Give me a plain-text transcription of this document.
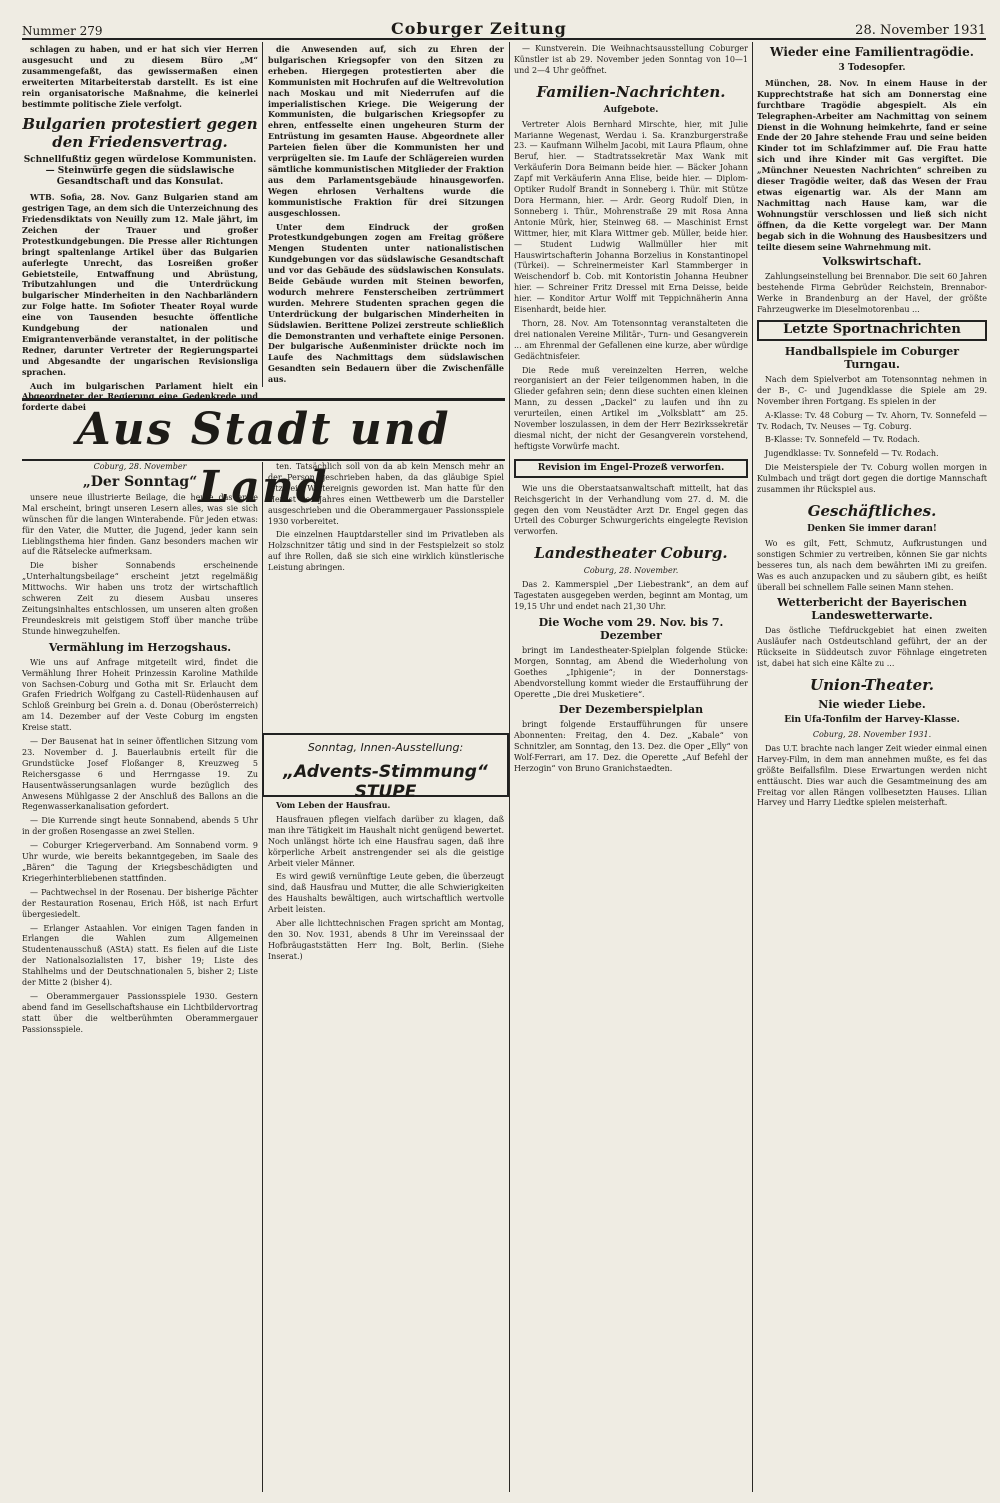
Nummer 279	Coburger Zeitung	28. November 1931

schlagen zu haben, und er hat sich vier Herren ausgesucht und zu diesem Büro „M“ zusammengefaßt, das gewissermaßen einen erweiterten Mitarbeiterstab darstellt. Es ist eine rein organisatorische Maßnahme, die keinerlei bestimmte politische Ziele verfolgt.

Bulgarien protestiert gegen den Friedensvertrag.
Schnellfußtiz gegen würdelose Kommunisten. — Steinwürfe gegen die südslawische Gesandtschaft und das Konsulat.

WTB. Sofia, 28. Nov. Ganz Bulgarien stand am gestrigen Tage, an dem sich die Unterzeichnung des Friedensdiktats von Neuilly zum 12. Male jährt, im Zeichen der Trauer und großer Protestkundgebungen. Die Presse aller Richtungen bringt spaltenlange Artikel über das Bulgarien auferlegte Unrecht, das Losreißen großer Gebietsteile, Entwaffnung und Abrüstung, Tributzahlungen und die Unterdrückung bulgarischer Minderheiten in den Nachbarländern zur Folge hatte. Im Sofioter Theater Royal wurde eine von Tausenden besuchte öffentliche Kundgebung der nationalen und Emigrantenverbände veranstaltet, in der politische Redner, darunter Vertreter der Regierungspartei und Abgesandte der ungarischen Revisionsliga sprachen.

Auch im bulgarischen Parlament hielt ein Abgeordneter der Regierung eine Gedenkrede und forderte dabei

die Anwesenden auf, sich zu Ehren der bulgarischen Kriegsopfer von den Sitzen zu erheben. Hiergegen protestierten aber die Kommunisten mit Hochrufen auf die Weltrevolution nach Moskau und mit Niederrufen auf die imperialistischen Kriege. Die Weigerung der Kommunisten, die bulgarischen Kriegsopfer zu ehren, entfesselte einen ungeheuren Sturm der Entrüstung im gesamten Hause. Abgeordnete aller Parteien fielen über die Kommunisten her und verprügelten sie. Im Laufe der Schlägereien wurden sämtliche kommunistischen Mitglieder der Fraktion aus dem Parlamentsgebäude hinausgeworfen. Wegen ehrlosen Verhaltens wurde die kommunistische Fraktion für drei Sitzungen ausgeschlossen.

Unter dem Eindruck der großen Protestkundgebungen zogen am Freitag größere Mengen Studenten unter nationalistischen Kundgebungen vor das südslawische Gesandtschaft und vor das Gebäude des südslawischen Konsulats. Beide Gebäude wurden mit Steinen beworfen, wodurch mehrere Fensterscheiben zertrümmert wurden. Mehrere Studenten sprachen gegen die Unterdrückung der bulgarischen Minderheiten in Südslawien. Berittene Polizei zerstreute schließlich die Demonstranten und verhaftete einige Personen. Der bulgarische Außenminister drückte noch im Laufe des Nachmittags dem südslawischen Gesandten sein Bedauern über die Zwischenfälle aus.

Aus Stadt und Land
Coburg, 28. November
„Der Sonntag“

unsere neue illustrierte Beilage, die heute das erste Mal erscheint, bringt unseren Lesern alles, was sie sich wünschen für die langen Winterabende. Für jeden etwas: für den Vater, die Mutter, die Jugend, jeder kann sein Lieblingsthema hier finden. Ganz besonders machen wir auf die Rätselecke aufmerksam.

Die bisher Sonnabends erscheinende „Unterhaltungsbeilage“ erscheint jetzt regelmäßig Mittwochs. Wir haben uns trotz der wirtschaftlich schweren Zeit zu diesem Ausbau unseres Zeitungsinhaltes entschlossen, um unseren alten großen Freundeskreis mit geistigem Stoff über manche trübe Stunde hinwegzuhelfen.

Vermählung im Herzogshaus.

Wie uns auf Anfrage mitgeteilt wird, findet die Vermählung Ihrer Hoheit Prinzessin Karoline Mathilde von Sachsen-Coburg und Gotha mit Sr. Erlaucht dem Grafen Friedrich Wolfgang zu Castell-Rüdenhausen auf Schloß Greinburg bei Grein a. d. Donau (Oberösterreich) am 14. Dezember auf der Veste Coburg im engsten Kreise statt.

— Der Bausenat hat in seiner öffentlichen Sitzung vom 23. November d. J. Bauerlaubnis erteilt für die Grundstücke Josef Floßanger 8, Kreuzweg 5 Reichersgasse 6 und Herrngasse 19. Zu Hausentwässerungsanlagen wurde bezüglich des Anwesens Mühlgasse 2 der Anschluß des Ballons an die Regenwasserkanalisation gefordert.

— Die Kurrende singt heute Sonnabend, abends 5 Uhr in der großen Rosengasse an zwei Stellen.

— Coburger Kriegerverband. Am Sonnabend vorm. 9 Uhr wurde, wie bereits bekanntgegeben, im Saale des „Bären“ die Tagung der Kriegsbeschädigten und Kriegerhinterbliebenen stattfinden.

— Pachtwechsel in der Rosenau. Der bisherige Pächter der Restauration Rosenau, Erich Höß, ist nach Erfurt übergesiedelt.

— Erlanger Astaahlen. Vor einigen Tagen fanden in Erlangen die Wahlen zum Allgemeinen Studentenausschuß (AStA) statt. Es fielen auf die Liste der Nationalsozialisten 17, bisher 19; Liste des Stahlhelms und der Deutschnationalen 5, bisher 2; Liste der Mitte 2 (bisher 4).

— Oberammergauer Passionsspiele 1930. Gestern abend fand im Gesellschaftshause ein Lichtbildervortrag statt über die weltberühmten Oberammergauer Passionsspiele.

ten. Tatsächlich soll von da ab kein Mensch mehr an der Person geschrieben haben, da das gläubige Spiel jetzt ein Weltereignis geworden ist. Man hatte für den Herbst des Jahres einen Wettbewerb um die Darsteller ausgeschrieben und die Oberammergauer Passionsspiele 1930 vorbereitet.

Die einzelnen Hauptdarsteller sind im Privatleben als Holzschnitzer tätig und sind in der Festspielzeit so stolz auf ihre Rollen, daß sie sich eine wirklich künstlerische Leistung abringen.

Sonntag, Innen-Ausstellung:
„Advents-Stimmung“ STUPE

Vom Leben der Hausfrau.

Hausfrauen pflegen vielfach darüber zu klagen, daß man ihre Tätigkeit im Haushalt nicht genügend bewertet. Noch unlängst hörte ich eine Hausfrau sagen, daß ihre körperliche Arbeit anstrengender sei als die geistige Arbeit vieler Männer.

Es wird gewiß vernünftige Leute geben, die überzeugt sind, daß Hausfrau und Mutter, die alle Schwierigkeiten des Haushalts bewältigen, auch wirtschaftlich wertvolle Arbeit leisten.

Aber alle lichttechnischen Fragen spricht am Montag, den 30. Nov. 1931, abends 8 Uhr im Vereinssaal der Hofbräugaststätten Herr Ing. Bolt, Berlin. (Siehe Inserat.)

— Kunstverein. Die Weihnachtsausstellung Coburger Künstler ist ab 29. November jeden Sonntag von 10—1 und 2—4 Uhr geöffnet.

Familien-Nachrichten.
Aufgebote.

Vertreter Alois Bernhard Mirschte, hier, mit Julie Marianne Wegenast, Werdau i. Sa. Kranzburgerstraße 23. — Kaufmann Wilhelm Jacobi, mit Laura Pflaum, ohne Beruf, hier. — Stadtratssekretär Max Wank mit Verkäuferin Dora Beimann beide hier. — Bäcker Johann Zapf mit Verkäuferin Anna Elise, beide hier. — Diplom-Optiker Rudolf Brandt in Sonneberg i. Thür. mit Stütze Dora Hermann, hier. — Ardr. Georg Rudolf Dien, in Sonneberg i. Thür., Mohrenstraße 29 mit Rosa Anna Antonie Mürk, hier, Steinweg 68. — Maschinist Ernst Wittmer, hier, mit Klara Wittmer geb. Müller, beide hier. — Student Ludwig Wallmüller hier mit Hauswirtschafterin Johanna Borzelius in Konstantinopel (Türkei). — Schreinermeister Karl Stammberger in Weischendorf b. Cob. mit Kontoristin Johanna Heubner hier. — Schreiner Fritz Dressel mit Erna Deisse, beide hier. — Konditor Artur Wolff mit Teppichnäherin Anna Eisenhardt, beide hier.

Thorn, 28. Nov. Am Totensonntag veranstalteten die drei nationalen Vereine Militär-, Turn- und Gesangverein ... am Ehrenmal der Gefallenen eine kurze, aber würdige Gedächtnisfeier.

Die Rede muß vereinzelten Herren, welche reorganisiert an der Feier teilgenommen haben, in die Glieder gefahren sein; denn diese suchten einen kleinen Mann, zu dessen „Dackel“ zu laufen und ihn zu verurteilen, einen Artikel im „Volksblatt“ am 25. November loszulassen, in dem der Herr Bezirkssekretär diesmal nicht, der nicht der Gesangverein vorstehend, heftigste Vorwürfe macht.

Revision im Engel-Prozeß verworfen.

Wie uns die Oberstaatsanwaltschaft mitteilt, hat das Reichsgericht in der Verhandlung vom 27. d. M. die gegen den vom Neustädter Arzt Dr. Engel gegen das Urteil des Coburger Schwurgerichts eingelegte Revision verworfen.

Landestheater Coburg.
Coburg, 28. November.

Das 2. Kammerspiel „Der Liebestrank“, an dem auf Tagestaten ausgegeben werden, beginnt am Montag, um 19,15 Uhr und endet nach 21,30 Uhr.

Die Woche vom 29. Nov. bis 7. Dezember

bringt im Landestheater-Spielplan folgende Stücke: Morgen, Sonntag, am Abend die Wiederholung von Goethes „Iphigenie“; in der Donnerstags-Abendvorstellung kommt wieder die Erstaufführung der Operette „Die drei Musketiere“.

Der Dezemberspielplan

bringt folgende Erstaufführungen für unsere Abonnenten: Freitag, den 4. Dez. „Kabale“ von Schnitzler, am Sonntag, den 13. Dez. die Oper „Elly“ von Wolf-Ferrari, am 17. Dez. die Operette „Auf Befehl der Herzogin“ von Bruno Granichstaedten.

Wieder eine Familientragödie.
3 Todesopfer.

München, 28. Nov. In einem Hause in der Kupprechtstraße hat sich am Donnerstag eine furchtbare Tragödie abgespielt. Als ein Telegraphen-Arbeiter am Nachmittag von seinem Dienst in die Wohnung heimkehrte, fand er seine Ende der 20 Jahre stehende Frau und seine beiden Kinder tot im Schlafzimmer auf. Die Frau hatte sich und ihre Kinder mit Gas vergiftet. Die „Münchner Neuesten Nachrichten“ schreiben zu dieser Tragödie weiter, daß das Wesen der Frau etwas eigenartig war. Als der Mann am Nachmittag nach Hause kam, war die Wohnungstür verschlossen und ließ sich nicht öffnen, da die Kette vorgelegt war. Der Mann begab sich in die Wohnung des Hausbesitzers und teilte diesem seine Wahrnehmung mit.

Volkswirtschaft.

Zahlungseinstellung bei Brennabor. Die seit 60 Jahren bestehende Firma Gebrüder Reichstein, Brennabor-Werke in Brandenburg an der Havel, der größte Fahrzeugwerke im Dieselmotorenbau ...

Letzte Sportnachrichten
Handballspiele im Coburger Turngau.

Nach dem Spielverbot am Totensonntag nehmen in der B-, C- und Jugendklasse die Spiele am 29. November ihren Fortgang. Es spielen in der

A-Klasse: Tv. 48 Coburg — Tv. Ahorn, Tv. Sonnefeld — Tv. Rodach, Tv. Neuses — Tg. Coburg.

B-Klasse: Tv. Sonnefeld — Tv. Rodach.

Jugendklasse: Tv. Sonnefeld — Tv. Rodach.

Die Meisterspiele der Tv. Coburg wollen morgen in Kulmbach und trägt dort gegen die dortige Mannschaft zusammen ihr Rückspiel aus.

Geschäftliches.
Denken Sie immer daran!

Wo es gilt, Fett, Schmutz, Aufkrustungen und sonstigen Schmier zu vertreiben, können Sie gar nichts besseres tun, als nach dem bewährten iMi zu greifen. Was es auch anzupacken und zu säubern gibt, es heißt überall bei schnellem Falle seinen Mann stehen.

Wetterbericht der Bayerischen Landeswetterwarte.

Das östliche Tiefdruckgebiet hat einen zweiten Ausläufer nach Ostdeutschland geführt, der an der Rückseite in Süddeutsch zuvor Föhnlage eingetreten ist, dabei hat sich eine Kälte zu ...

Union-Theater.
Nie wieder Liebe.
Ein Ufa-Tonfilm der Harvey-Klasse.
Coburg, 28. November 1931.

Das U.T. brachte nach langer Zeit wieder einmal einen Harvey-Film, in dem man annehmen mußte, es fei das größte Beifallsfilm. Diese Erwartungen werden nicht enttäuscht. Dies war auch die Gesamtmeinung des am Freitag vor allen Rängen vollbesetzten Hauses. Lilian Harvey und Harry Liedtke spielen meisterhaft.
